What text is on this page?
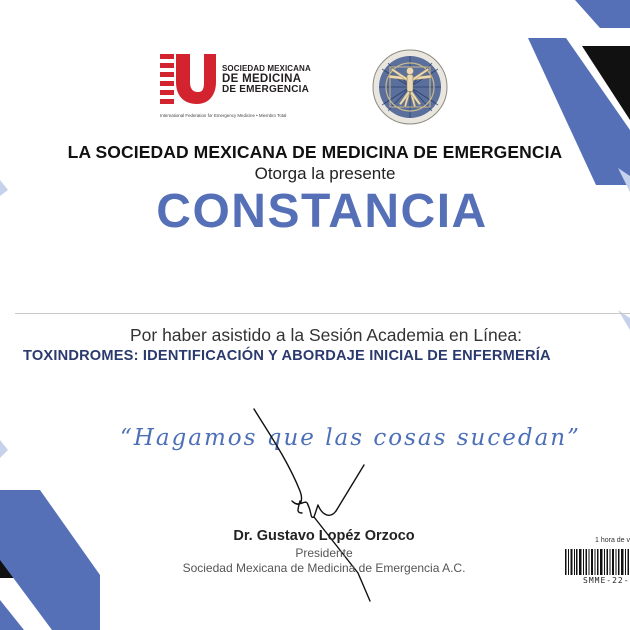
SOCIEDAD MEXICANA
DE MEDICINA
DE EMERGENCIA
International Federation for Emergency Medicine • Miembro Total
LA SOCIEDAD MEXICANA DE MEDICINA DE EMERGENCIA
Otorga la presente
CONSTANCIA
Por haber asistido a la Sesión Academia en Línea:
TOXINDROMES: IDENTIFICACIÓN Y ABORDAJE INICIAL DE ENFERMERÍA
“Hagamos que las cosas sucedan”
Dr. Gustavo Lopéz Orzoco
Presidente
Sociedad Mexicana de Medicina de Emergencia A.C.
1 hora de v
SMME-22-
